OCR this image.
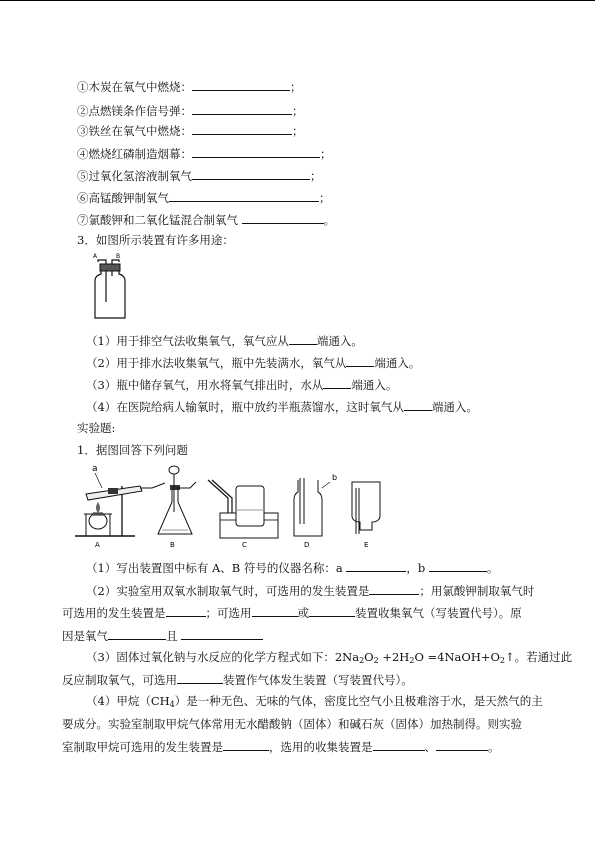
①木炭在氧气中燃烧：	；
②点燃镁条作信号弹：	；
③铁丝在氧气中燃烧：	；
④燃烧红磷制造烟幕：	；
⑤过氧化氢溶液制氧气	；
⑥高锰酸钾制氧气	；
⑦氯酸钾和二氧化锰混合制氧气	。
3．如图所示装置有许多用途：
A	B
（1）用于排空气法收集氧气，氧气应从 端通入。
（2）用于排水法收集氧气，瓶中先装满水，氧气从 端通入。
（3）瓶中储存氧气，用水将氧气排出时，水从 端通入。
（4）在医院给病人输氧时，瓶中放约半瓶蒸馏水，这时氧气从 端通入。
实验题:
1．据图回答下列问题
a
A	B	C
b
D	E
（1）写出装置图中标有 A、B 符号的仪器名称：a	，b	。
（2）实验室用双氧水制取氧气时，可选用的发生装置是	；用氯酸钾制取氧气时
可选用的发生装置是	；可选用	或	装置收集氧气（写装置代号）。原
因是氧气	且
（3）固体过氧化钠与水反应的化学方程式如下：$2Na_2O_2 +2H_2O$ $=4NaOH+O_2↑$。若通过此
反应制取氧气，可选用	装置作气体发生装置（写装置代号）。
（4）甲烷$(CH_4)$是一种无色、无味的气体，密度比空气小且极难溶于水，是天然气的主
要成分。实验室制取甲烷气体常用无水醋酸钠（固体）和碱石灰（固体）加热制得。则实验
室制取甲烷可选用的发生装置是	，选用的收集装置是	、	。
